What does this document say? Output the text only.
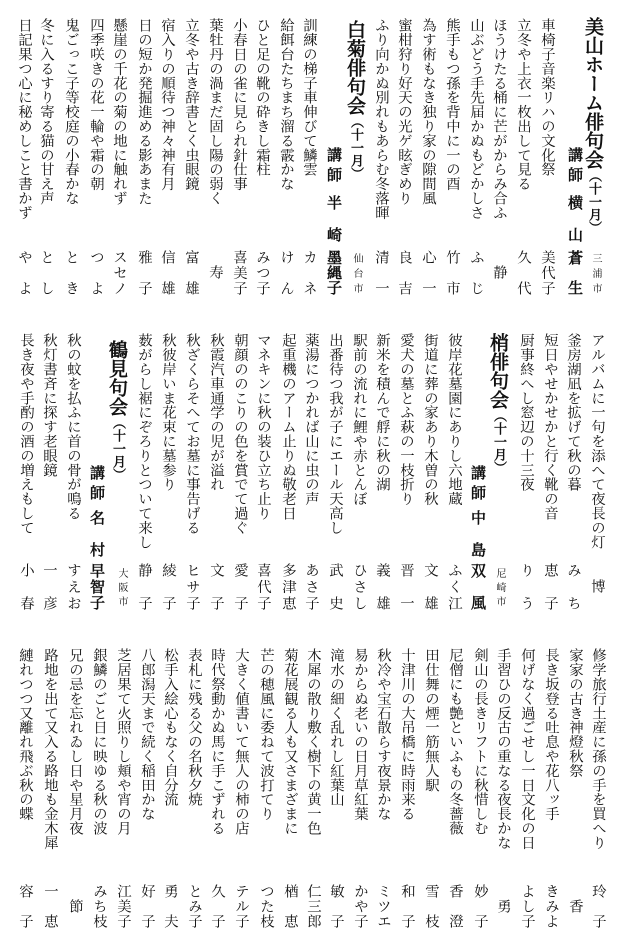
美山ホーム俳句会（十一月）
三浦市
講師
横山
蒼生
車椅子音楽リハの文化祭
美代子
立冬や上衣一枚出して見る
久代
ほうけたる桶に芒がからみ合ふ
静
山ぶどう手先届かぬもどかしさ
ふじ
熊手もつ孫を背中に一の酉
竹市
為す術もなき独り家の隙間風
心一
蜜柑狩り好天の光ゲ眩ぎめり
良吉
ふり向かぬ別れもあらむ冬落暉
清一
白菊俳句会（十一月）
仙台市
講師
半崎
墨縄子
訓練の梯子車伸びて鱗雲
カネ
給餌台たちまち溜る霰かな
けん
ひと足の靴の砕きし霜柱
みつ子
小春日の雀に見られ針仕事
喜美子
葉牡丹の渦まだ固し陽の弱く
寿
立冬や古き辞書とく虫眼鏡
富雄
宿入りの順待つ神々神有月
信雄
日の短か発掘進める影あまた
雅子
懸崖の千花の菊の地に触れず
スセノ
四季咲きの花一輪や霜の朝
つよ
鬼ごっこ子等校庭の小春かな
とき
冬に入るすり寄る猫の甘え声
とし
日記果つ心に秘めしこと書かず
やよ
アルバムに一句を添へて夜長の灯
博
釜房湖凪を拡げて秋の暮
みち
短日やせかせかと行く靴の音
恵子
厨事終へし窓辺の十三夜
りう
梢俳句会（十一月）
尼崎市
講師
中島
双風
彼岸花墓園にありし六地蔵
ふく江
街道に葬の家あり木曽の秋
文雄
愛犬の墓とふ萩の一枝折り
晋一
新米を積んで艀に秋の湖
義雄
駅前の流れに鯉や赤とんぼ
ひさし
出番待つ我が子にエール天高し
武史
薬湯につかれば山に虫の声
あさ子
起重機のアーム止りぬ敬老日
多津恵
マネキンに秋の装ひ立ち止り
喜代子
朝顔ののこりの色を賞でて過ぐ
愛子
秋霞汽車通学の児が溢れ
文子
秋ざくらそへてお墓に事告げる
ヒサ子
秋彼岸いま花束に墓参り
綾子
薮がらし裾にぞろりとついて来し
静子
鶴見句会（十一月）
大阪市
講師
名村
早智子
秋の蚊を払ふに首の骨が鳴る
すえお
秋灯書斉に探す老眼鏡
一彦
長き夜や手酌の酒の増えもして
小春
修学旅行土産に孫の手を買へり
玲子
家家の古き神燈秋祭
香
長き坂登る吐息や花八ッ手
きみよ
何げなく過ごせし一日文化の日
よし子
手習ひの反古の重なる夜長かな
勇
剣山の長きリフトに秋惜しむ
妙子
尼僧にも艶といふもの冬薔薇
香澄
田仕舞の煙一筋無人駅
雪枝
十津川の大吊橋に時雨来る
和子
秋冷や宝石散らす夜景かな
ミツエ
易からぬ老いの日月草紅葉
かや子
滝水の細く乱れし紅葉山
敏子
木犀の散り敷く樹下の黄一色
仁三郎
菊花展観る人も又さまざまに
楢恵
芒の穂風に委ねて波打てり
つた枝
大きく値書いて無人の柿の店
テル子
時代祭動かぬ馬に手こずれる
久子
表札に残る父の名秋夕焼
とみ子
松手入絵心もなく自分流
勇夫
八郎潟天まで続く稲田かな
好子
芝居果て火照りし頬や宵の月
江美子
銀鱗のごと日に映ゆる秋の波
みち枝
兄の忌を忘れゐし日や星月夜
節
路地を出て又入る路地も金木犀
一恵
縺れつつ又離れ飛ぶ秋の蝶
容子
